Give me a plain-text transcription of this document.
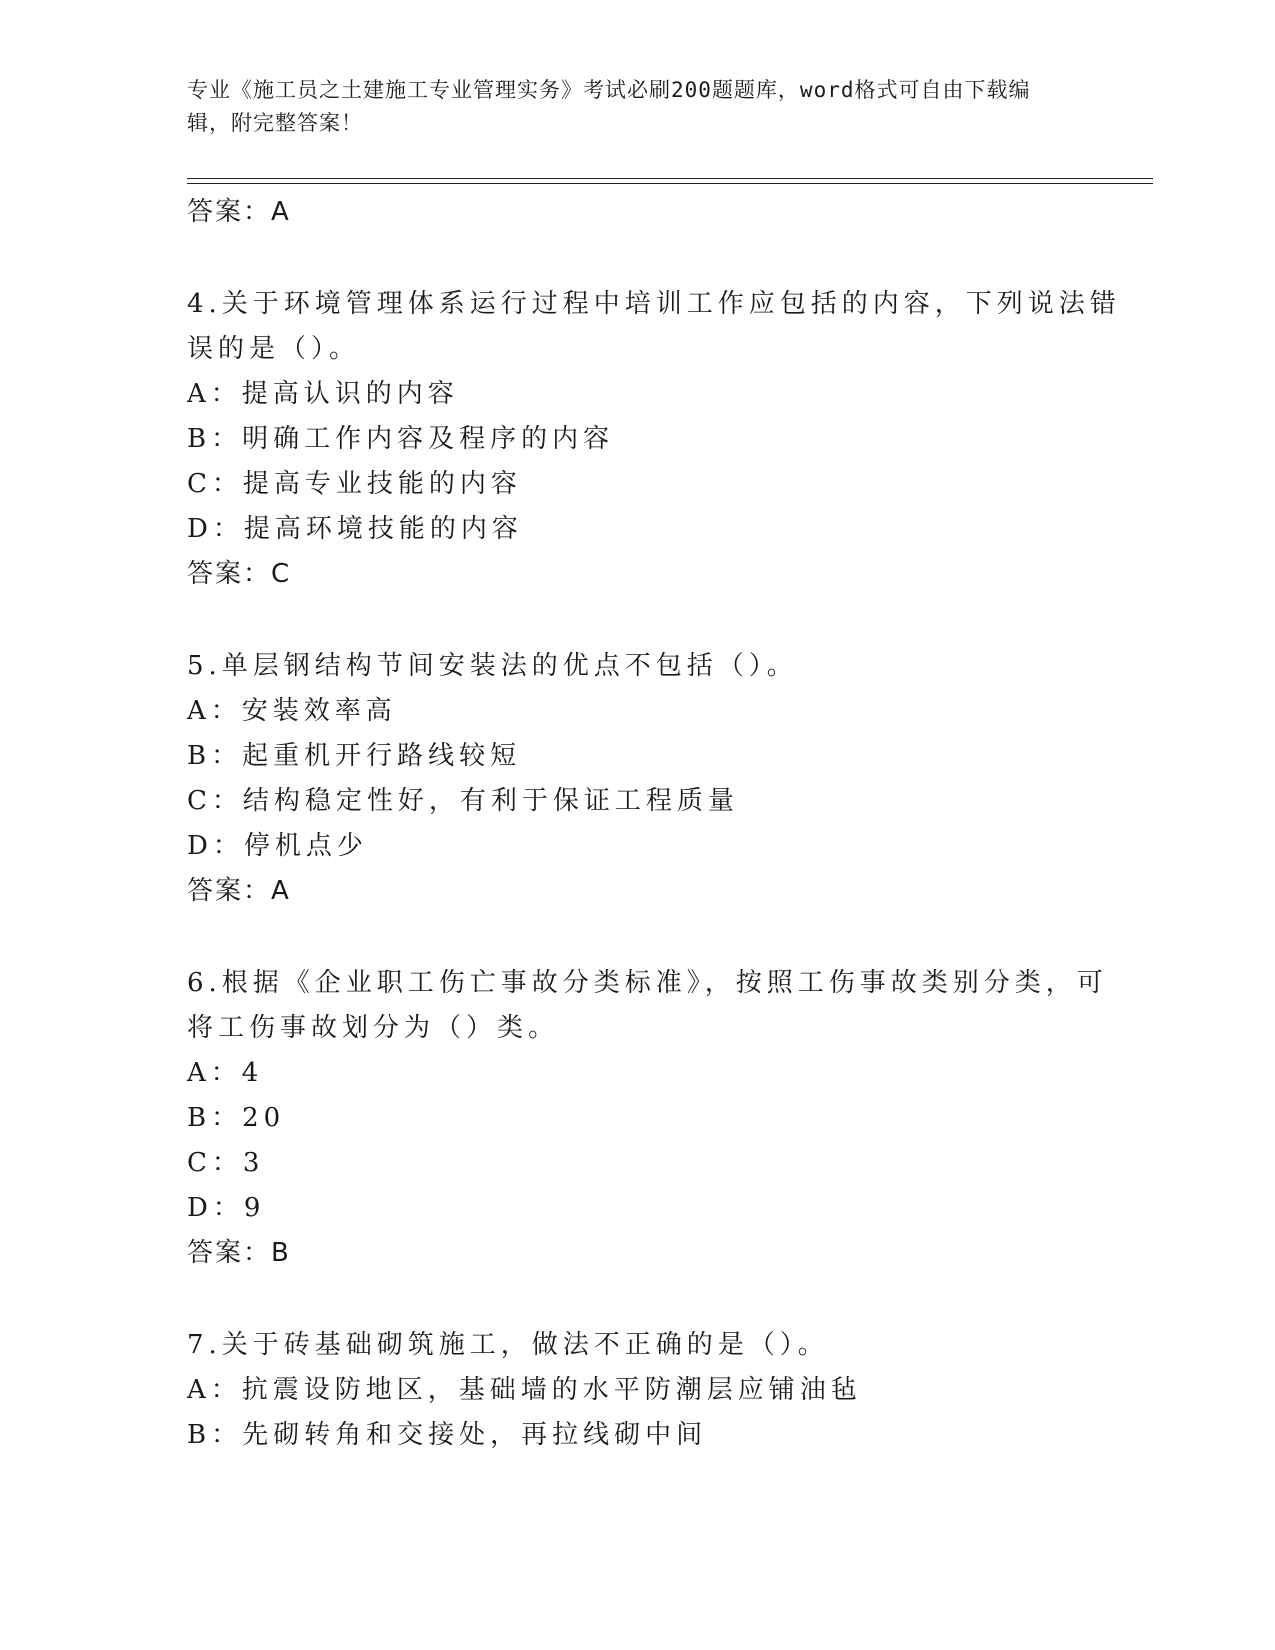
专业《施工员之土建施工专业管理实务》考试必刷200题题库，word格式可自由下载编辑，附完整答案！
答案：A
4.关于环境管理体系运行过程中培训工作应包括的内容，下列说法错
误的是（）。
A：提高认识的内容
B：明确工作内容及程序的内容
C：提高专业技能的内容
D：提高环境技能的内容
答案：C
5.单层钢结构节间安装法的优点不包括（）。
A：安装效率高
B：起重机开行路线较短
C：结构稳定性好，有利于保证工程质量
D：停机点少
答案：A
6.根据《企业职工伤亡事故分类标准》，按照工伤事故类别分类，可
将工伤事故划分为（）类。
A：4
B：20
C：3
D：9
答案：B
7.关于砖基础砌筑施工，做法不正确的是（）。
A：抗震设防地区，基础墙的水平防潮层应铺油毡
B：先砌转角和交接处，再拉线砌中间
